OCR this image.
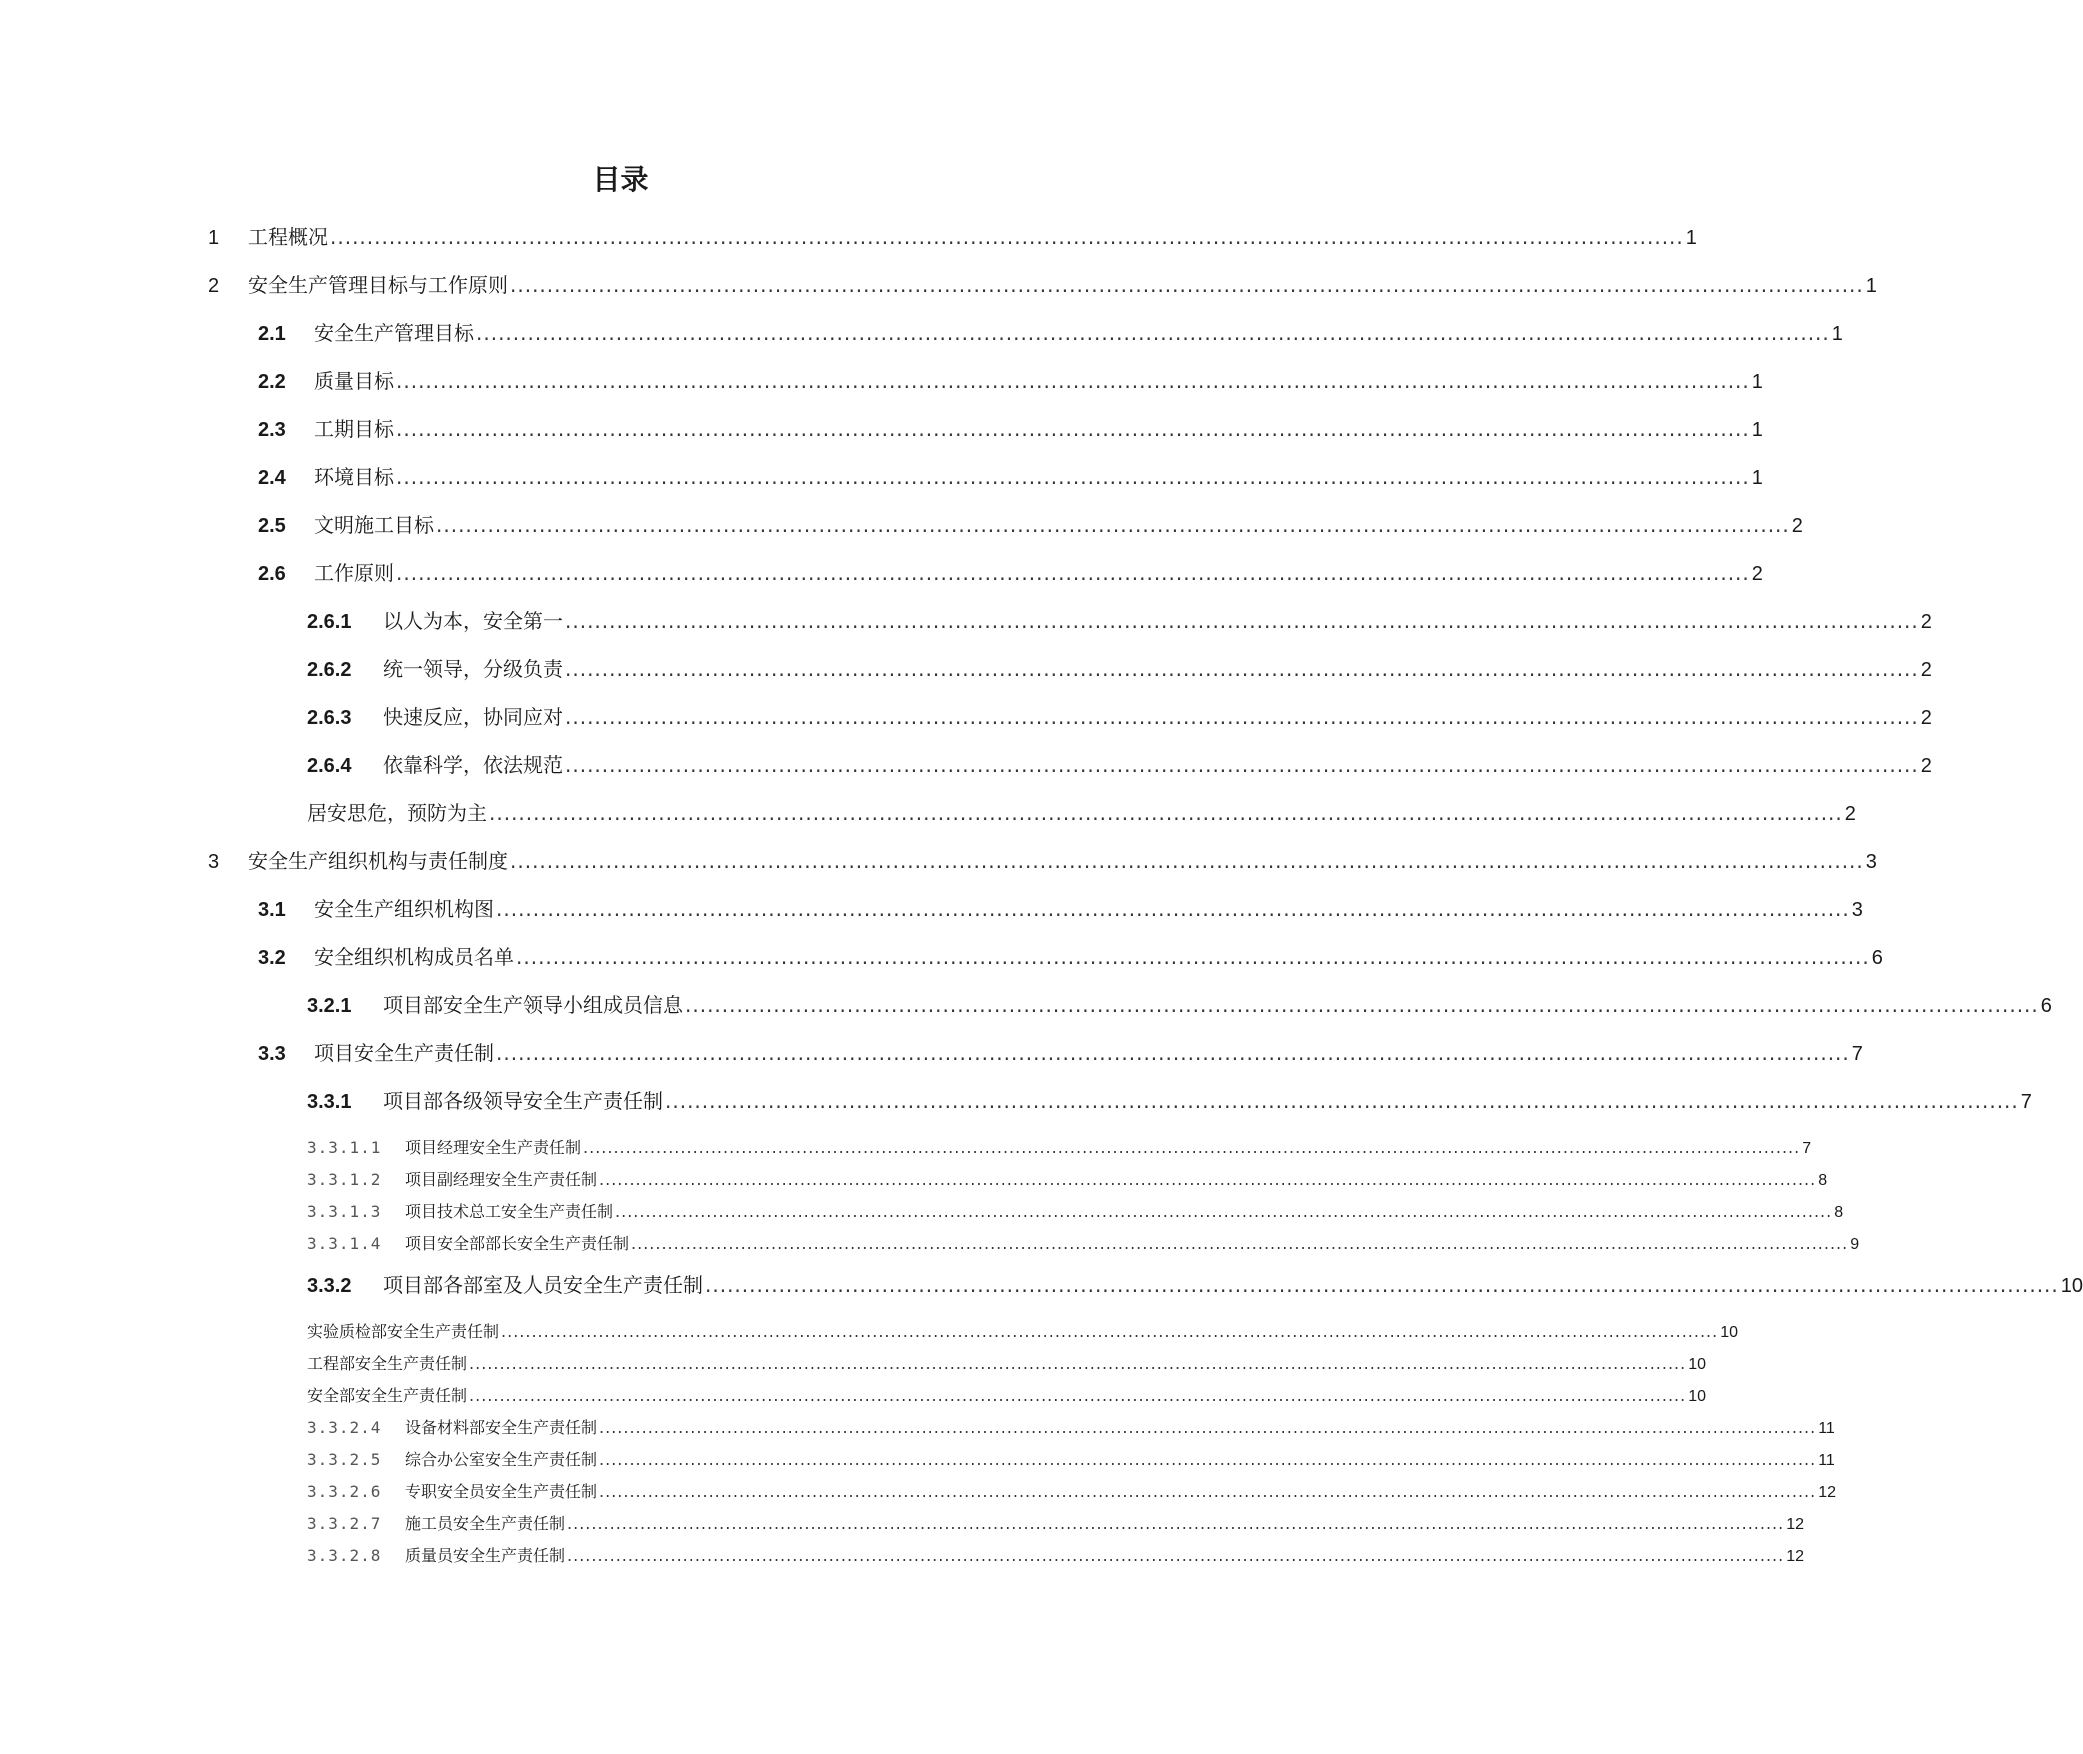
目录
1	工程概况 ........................................................................................................................................................................................ 1
2	安全生产管理目标与工作原则 ........................................................................................................................................................................................ 1
2.1	安全生产管理目标 ........................................................................................................................................................................................ 1
2.2	质量目标 ........................................................................................................................................................................................ 1
2.3	工期目标 ........................................................................................................................................................................................ 1
2.4	环境目标 ........................................................................................................................................................................................ 1
2.5	文明施工目标 ........................................................................................................................................................................................ 2
2.6	工作原则 ........................................................................................................................................................................................ 2
2.6.1	以人为本，安全第一 ........................................................................................................................................................................................ 2
2.6.2	统一领导，分级负责 ........................................................................................................................................................................................ 2
2.6.3	快速反应，协同应对 ........................................................................................................................................................................................ 2
2.6.4	依靠科学，依法规范 ........................................................................................................................................................................................ 2
居安思危，预防为主 ........................................................................................................................................................................................ 2
3	安全生产组织机构与责任制度 ........................................................................................................................................................................................ 3
3.1	安全生产组织机构图 ........................................................................................................................................................................................ 3
3.2	安全组织机构成员名单 ........................................................................................................................................................................................ 6
3.2.1	项目部安全生产领导小组成员信息 ........................................................................................................................................................................................ 6
3.3	项目安全生产责任制 ........................................................................................................................................................................................ 7
3.3.1	项目部各级领导安全生产责任制 ........................................................................................................................................................................................ 7
3.3.1.1	项目经理安全生产责任制 ........................................................................................................................................................................................................ 7
3.3.1.2	项目副经理安全生产责任制 ........................................................................................................................................................................................................ 8
3.3.1.3	项目技术总工安全生产责任制 ........................................................................................................................................................................................................ 8
3.3.1.4	项目安全部部长安全生产责任制 ........................................................................................................................................................................................................ 9
3.3.2	项目部各部室及人员安全生产责任制 ........................................................................................................................................................................................ 10
实验质检部安全生产责任制 ........................................................................................................................................................................................................ 10
工程部安全生产责任制 ........................................................................................................................................................................................................ 10
安全部安全生产责任制 ........................................................................................................................................................................................................ 10
3.3.2.4	设备材料部安全生产责任制 ........................................................................................................................................................................................................ 11
3.3.2.5	综合办公室安全生产责任制 ........................................................................................................................................................................................................ 11
3.3.2.6	专职安全员安全生产责任制 ........................................................................................................................................................................................................ 12
3.3.2.7	施工员安全生产责任制 ........................................................................................................................................................................................................ 12
3.3.2.8	质量员安全生产责任制 ........................................................................................................................................................................................................ 12
